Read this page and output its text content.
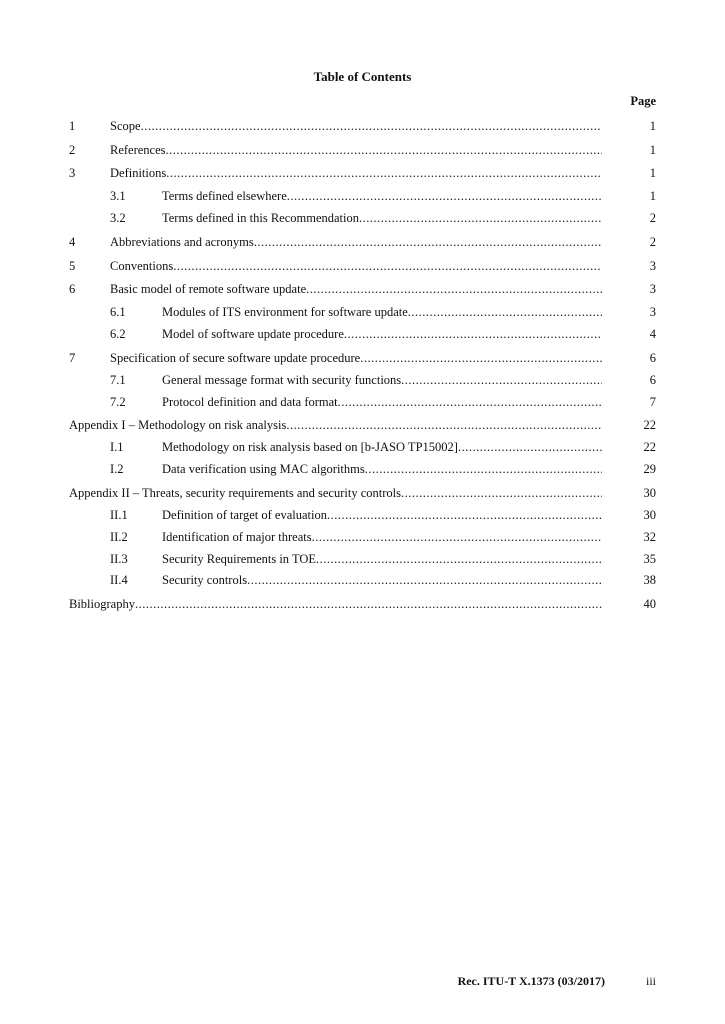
Table of Contents
Page
1	Scope .....	1
2	References .....	1
3	Definitions .....	1
3.1	Terms defined elsewhere .....	1
3.2	Terms defined in this Recommendation .....	2
4	Abbreviations and acronyms .....	2
5	Conventions .....	3
6	Basic model of remote software update .....	3
6.1	Modules of ITS environment for software update .....	3
6.2	Model of software update procedure .....	4
7	Specification of secure software update procedure .....	6
7.1	General message format with security functions .....	6
7.2	Protocol definition and data format .....	7
Appendix I – Methodology on risk analysis .....	22
I.1	Methodology on risk analysis based on [b-JASO TP15002] .....	22
I.2	Data verification using MAC algorithms .....	29
Appendix II – Threats, security requirements and security controls .....	30
II.1	Definition of target of evaluation .....	30
II.2	Identification of major threats .....	32
II.3	Security Requirements in TOE .....	35
II.4	Security controls .....	38
Bibliography .....	40
Rec. ITU-T X.1373 (03/2017)	iii
